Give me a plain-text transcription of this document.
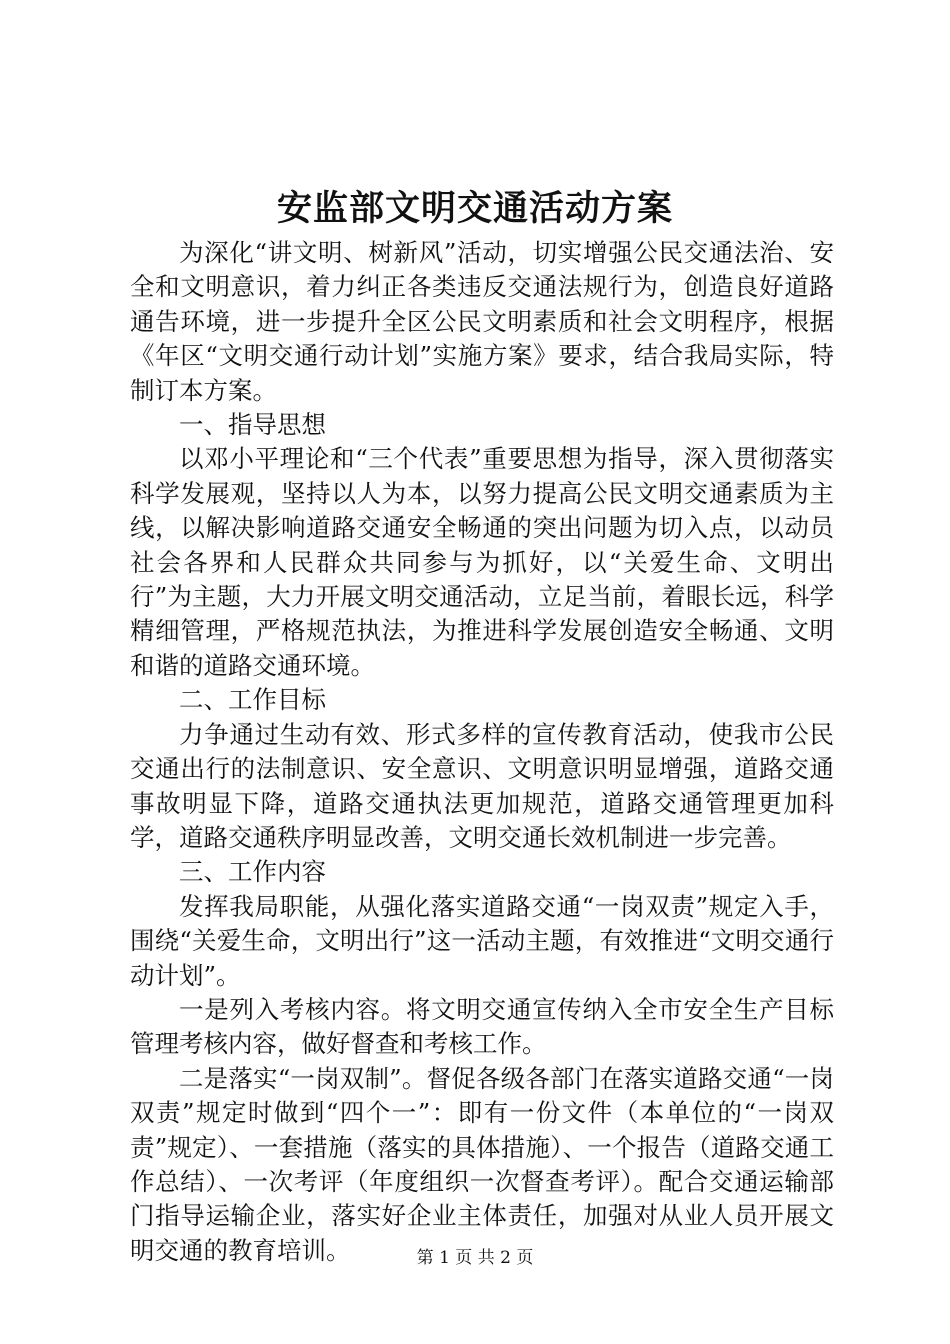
安监部文明交通活动方案

为深化“讲文明、树新风”活动，切实增强公民交通法治、安全和文明意识，着力纠正各类违反交通法规行为，创造良好道路通告环境，进一步提升全区公民文明素质和社会文明程序，根据《年区“文明交通行动计划”实施方案》要求，结合我局实际，特制订本方案。

一、指导思想

以邓小平理论和“三个代表”重要思想为指导，深入贯彻落实科学发展观，坚持以人为本，以努力提高公民文明交通素质为主线，以解决影响道路交通安全畅通的突出问题为切入点，以动员社会各界和人民群众共同参与为抓好，以“关爱生命、文明出行”为主题，大力开展文明交通活动，立足当前，着眼长远，科学精细管理，严格规范执法，为推进科学发展创造安全畅通、文明和谐的道路交通环境。

二、工作目标

力争通过生动有效、形式多样的宣传教育活动，使我市公民交通出行的法制意识、安全意识、文明意识明显增强，道路交通事故明显下降，道路交通执法更加规范，道路交通管理更加科学，道路交通秩序明显改善，文明交通长效机制进一步完善。

三、工作内容

发挥我局职能，从强化落实道路交通“一岗双责”规定入手，围绕“关爱生命，文明出行”这一活动主题，有效推进“文明交通行动计划”。

一是列入考核内容。将文明交通宣传纳入全市安全生产目标管理考核内容，做好督查和考核工作。

二是落实“一岗双制”。督促各级各部门在落实道路交通“一岗双责”规定时做到“四个一”：即有一份文件（本单位的“一岗双责”规定）、一套措施（落实的具体措施）、一个报告（道路交通工作总结）、一次考评（年度组织一次督查考评）。配合交通运输部门指导运输企业，落实好企业主体责任，加强对从业人员开展文明交通的教育培训。	第 1 页 共 2 页
